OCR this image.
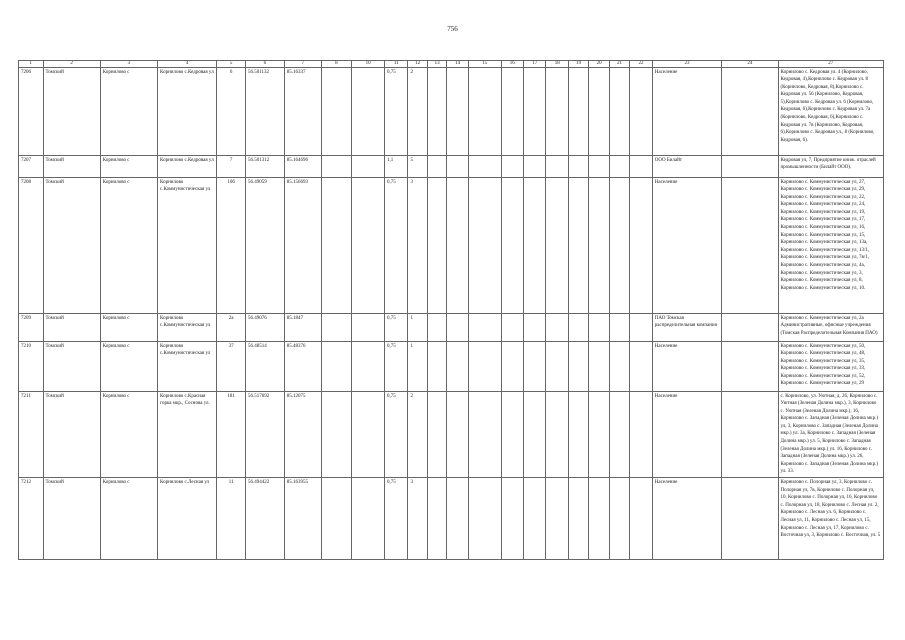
756
1	2	3	4	5	6	7	8	10	11	12	13	14	15	16	17	18	19	20	21	22	23	24	27
7206	Томский	Корнилово с	Корнилово с.Кедровая ул	6	56.501132	85.16337			0,75	2											Население		Корнилово с. Кедровая ул. 4 (Корнилово, Кедровая, 4),Корнилово с. Кедровая ул. 8 (Корнилово, Кедровая, 8),Корнилово с. Кедровая ул. 56 (Корнилово, Кедровая, 5),Корнилово с. Кедровая ул. 6 (Корнилово, Кедровая, 6),Корнилово с. Кедровая ул. 7а (Корнилово, Кедровая, 6),Корнилово с. Кедровая ул. 7в (Корнилово, Кедровая, 6),Корнилово с. Кедровая ул., 8 (Корнилово, Кедровая, 6).
7207	Томский	Корнилово с	Корнилово с.Кедровая ул	7	56.501312	85.164696			1,1	5											ООО Билайт		Кедровая ул, 7, Предприятие книж. отраслей промышленности (Билайт ООО).
7208	Томский	Корнилово с	Корнилово с.Коммунистическая ул	10б	56.49059	85.156693			0,75	3											Население		Корнилово с. Коммунистическая ул, 27, Корнилово с. Коммунистическая ул, 29, Корнилово с. Коммунистическая ул, 22, Корнилово с. Коммунистическая ул, 24, Корнилово с. Коммунистическая ул, 19, Корнилово с. Коммунистическая ул, 17, Корнилово с. Коммунистическая ул, 16, Корнилово с. Коммунистическая ул, 15, Корнилово с. Коммунистическая ул, 13а, Корнилово с. Коммунистическая ул, 13/1, Корнилово с. Коммунистическая ул, 7в/1, Корнилово с. Коммунистическая ул, 4а, Корнилово с. Коммунистическая ул, 3, Корнилово с. Коммунистическая ул, 8, Корнилово с. Коммунистическая ул, 10.
7209	Томский	Корнилово с	Корнилово с.Коммунистическая ул	2а	56.49076	85.1847			0,75	1											ПАО Томская распределительная компания		Корнилово с. Коммунистическая ул, 2а Административные, офисные учреждения (Томская Распределительная Компания ПАО)
7210	Томский	Корнилово с	Корнилово с.Коммунистическая ул	37	56.48514	85.48376			0,75	1											Население		Корнилово с. Коммунистическая ул, 50, Корнилово с. Коммунистическая ул, 48, Корнилово с. Коммунистическая ул, 35, Корнилово с. Коммунистическая ул, 33, Корнилово с. Коммунистическая ул, 52, Корнилово с. Коммунистическая ул, 29
7211	Томский	Корнилово с	Корнилово с.Красная горка мкр., Соснова ул.	181	56.517692	85.12075			0,75	2											Население		с. Корнилово, ул. Уютная, д. 26, Корнилово с. Уютная (Зеленая Долина мкр.), 3, Корнилово с. Уютная (Зеленая Долина мкр.), 16, Корнилово с. Западная (Зеленая Долина мкр.) ул, 3, Корнилово с. Западная (Зеленая Долина мкр.) ул. 3а, Корнилово с. Западная (Зеленая Долина мкр.) ул. 5, Корнилово с. Западная (Зеленая Долина мкр.) ул. 16, Корнилово с. Западная (Зеленая Долина мкр.) ул. 26, Корнилово с. Западная (Зеленая Долина мкр.) ул. 33.
7212	Томский	Корнилово с	Корнилово с.Лесная ул	11	56.494422	85.163955			0,75	3											Население		Корнилово с. Полорная ул, 3, Корнилово с. Полорная ул, 7в, Корнилово с. Полорная ул, 10, Корнилово с. Полорная ул, 16, Корнилово с. Полорная ул, 18, Корнилово с. Лесная ул. 2, Корнилово с. Лесная ул. 6, Корнилово с. Лесная ул, 11, Корнилово с. Лесная ул, 15, Корнилово с. Лесная ул, 17, Корнилово с. Восточная ул, 3, Корнилово с. Восточная, ул. 5
